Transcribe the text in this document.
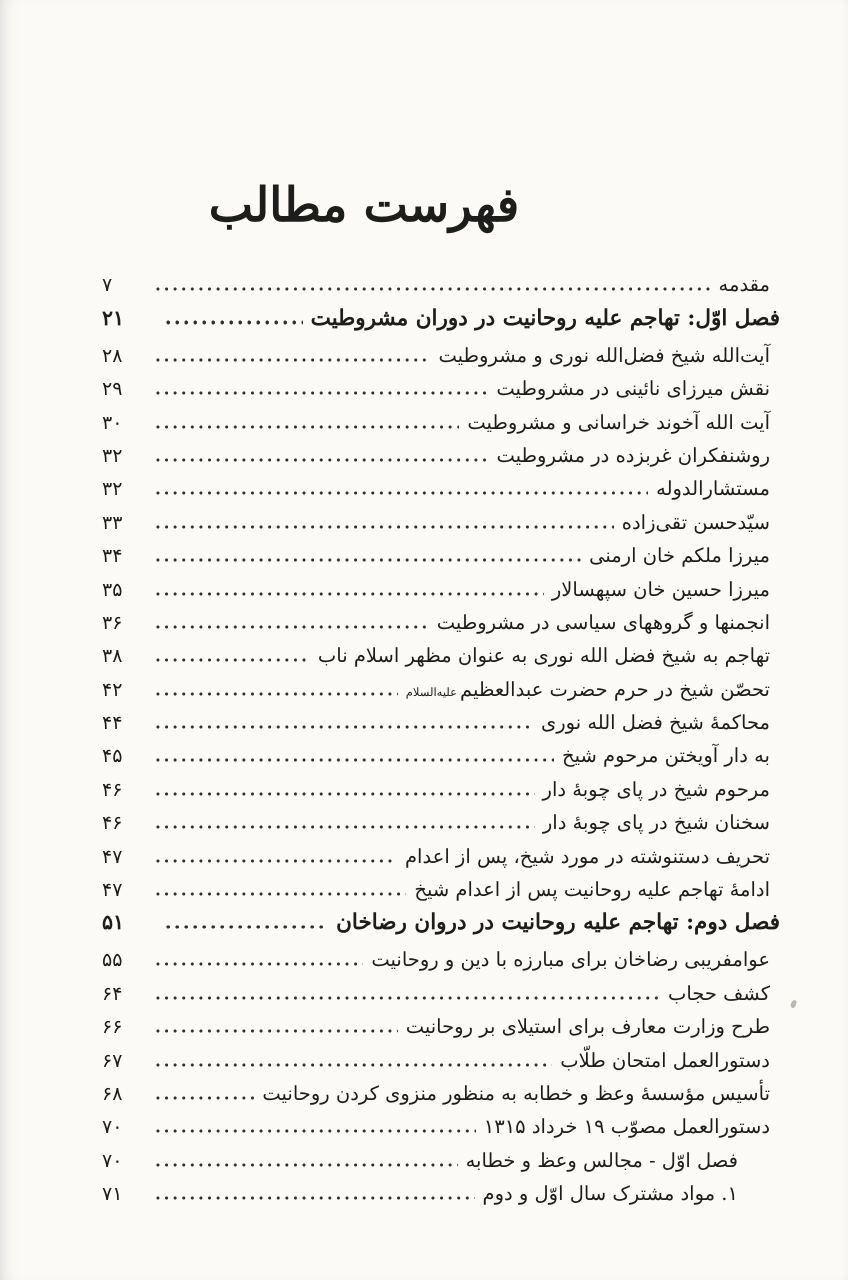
فهرست مطالب
مقدمه
۷
فصل اوّل: تهاجم علیه روحانیت در دوران مشروطیت
۲۱
آیت‌الله شیخ فضل‌الله نوری و مشروطیت
۲۸
نقش میرزای نائینی در مشروطیت
۲۹
آیت الله آخوند خراسانی و مشروطیت
۳۰
روشنفکران غربزده در مشروطیت
۳۲
مستشارالدوله
۳۲
سیّدحسن تقی‌زاده
۳۳
میرزا ملکم خان ارمنی
۳۴
میرزا حسین خان سپهسالار
۳۵
انجمنها و گروههای سیاسی در مشروطیت
۳۶
تهاجم به شیخ فضل الله نوری به عنوان مظهر اسلام ناب
۳۸
تحصّن شیخ در حرم حضرت عبدالعظیم
علیه‌السلام
۴۲
محاکمهٔ شیخ فضل الله نوری
۴۴
به دار آویختن مرحوم شیخ
۴۵
مرحوم شیخ در پای چوبهٔ دار
۴۶
سخنان شیخ در پای چوبهٔ دار
۴۶
تحریف دستنوشته در مورد شیخ، پس از اعدام
۴۷
ادامهٔ تهاجم علیه روحانیت پس از اعدام شیخ
۴۷
فصل دوم: تهاجم علیه روحانیت در دروان رضاخان
۵۱
عوامفریبی رضاخان برای مبارزه با دین و روحانیت
۵۵
کشف حجاب
۶۴
طرح وزارت معارف برای استیلای بر روحانیت
۶۶
دستورالعمل امتحان طلّاب
۶۷
تأسیس مؤسسهٔ وعظ و خطابه به منظور منزوی کردن روحانیت
۶۸
دستورالعمل مصوّب ۱۹ خرداد ۱۳۱۵
۷۰
فصل اوّل - مجالس وعظ و خطابه
۷۰
۱. مواد مشترک سال اوّل و دوم
۷۱
